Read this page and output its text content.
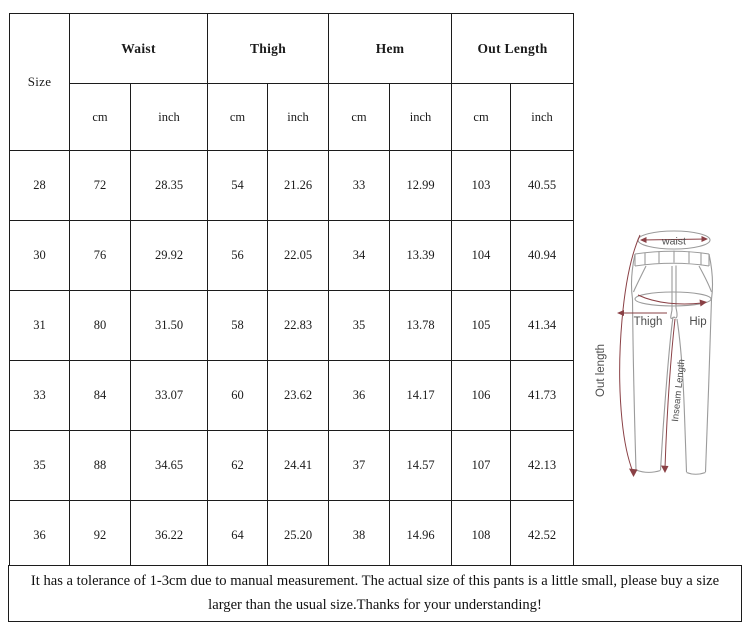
Size	Waist		Thigh		Hem		Out Length	
	cm	inch	cm	inch	cm	inch	cm	inch
28	72	28.35	54	21.26	33	12.99	103	40.55
30	76	29.92	56	22.05	34	13.39	104	40.94
31	80	31.50	58	22.83	35	13.78	105	41.34
33	84	33.07	60	23.62	36	14.17	106	41.73
35	88	34.65	62	24.41	37	14.57	107	42.13
36	92	36.22	64	25.20	38	14.96	108	42.52
waist
Out length
Thigh Hip
Inseam Length

It has a tolerance of 1-3cm due to manual measurement. The actual size of this pants is a little small, please buy a size larger than the usual size.Thanks for your understanding!
